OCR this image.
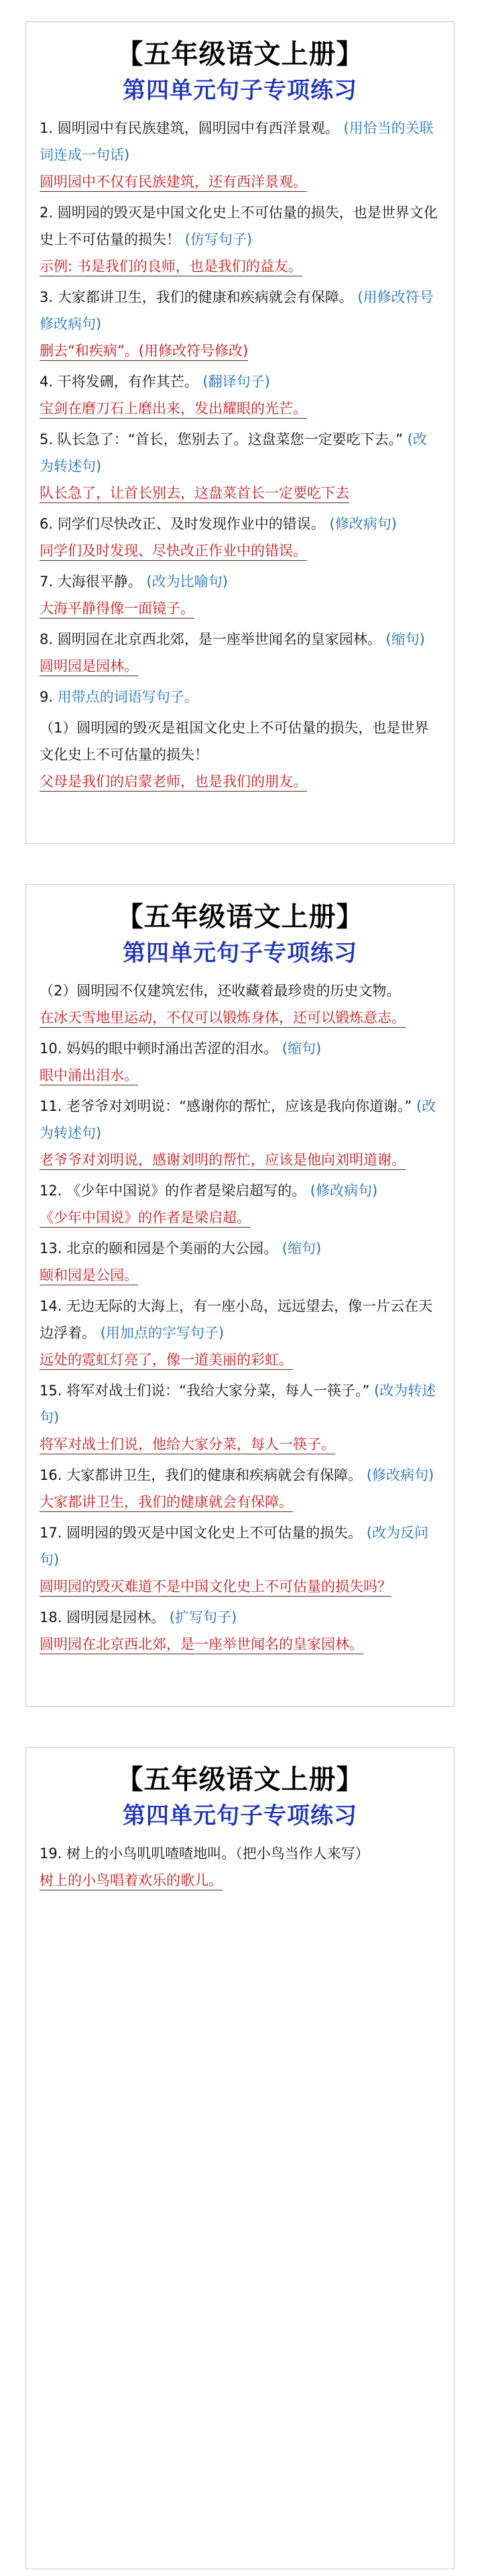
【五年级语文上册】
第四单元句子专项练习
1. 圆明园中有民族建筑，圆明园中有西洋景观。 (用恰当的关联词连成一句话)
圆明园中不仅有民族建筑，还有西洋景观。
2. 圆明园的毁灭是中国文化史上不可估量的损失，也是世界文化史上不可估量的损失！ (仿写句子)
示例: 书是我们的良师，也是我们的益友。
3. 大家都讲卫生，我们的健康和疾病就会有保障。 (用修改符号修改病句)
删去“和疾病”。(用修改符号修改)
4. 干将发硎，有作其芒。 (翻译句子)
宝剑在磨刀石上磨出来，发出耀眼的光芒。
5. 队长急了：“首长，您别去了。这盘菜您一定要吃下去。” (改为转述句)
队长急了，让首长别去，这盘菜首长一定要吃下去
6. 同学们尽快改正、及时发现作业中的错误。 (修改病句)
同学们及时发现、尽快改正作业中的错误。
7. 大海很平静。 (改为比喻句)
大海平静得像一面镜子。
8. 圆明园在北京西北郊，是一座举世闻名的皇家园林。 (缩句)
圆明园是园林。
9. 用带点的词语写句子。
（1）圆明园的毁灭是祖国文化史上不可估量的损失，也是世界文化史上不可估量的损失！
父母是我们的启蒙老师，也是我们的朋友。
【五年级语文上册】
第四单元句子专项练习
（2）圆明园不仅建筑宏伟，还收藏着最珍贵的历史文物。
在冰天雪地里运动，不仅可以锻炼身体，还可以锻炼意志。
10. 妈妈的眼中顿时涌出苦涩的泪水。 (缩句)
眼中涌出泪水。
11. 老爷爷对刘明说：“感谢你的帮忙，应该是我向你道谢。” (改为转述句)
老爷爷对刘明说，感谢刘明的帮忙，应该是他向刘明道谢。
12. 《少年中国说》的作者是梁启超写的。 (修改病句)
《少年中国说》的作者是梁启超。
13. 北京的颐和园是个美丽的大公园。 (缩句)
颐和园是公园。
14. 无边无际的大海上，有一座小岛，远远望去，像一片云在天边浮着。 (用加点的字写句子)
远处的霓虹灯亮了，像一道美丽的彩虹。
15. 将军对战士们说：“我给大家分菜，每人一筷子。” (改为转述句)
将军对战士们说，他给大家分菜，每人一筷子。
16. 大家都讲卫生，我们的健康和疾病就会有保障。 (修改病句)
大家都讲卫生，我们的健康就会有保障。
17. 圆明园的毁灭是中国文化史上不可估量的损失。 (改为反问句)
圆明园的毁灭难道不是中国文化史上不可估量的损失吗？
18. 圆明园是园林。 (扩写句子)
圆明园在北京西北郊，是一座举世闻名的皇家园林。
【五年级语文上册】
第四单元句子专项练习
19. 树上的小鸟叽叽喳喳地叫。（把小鸟当作人来写）
树上的小鸟唱着欢乐的歌儿。
